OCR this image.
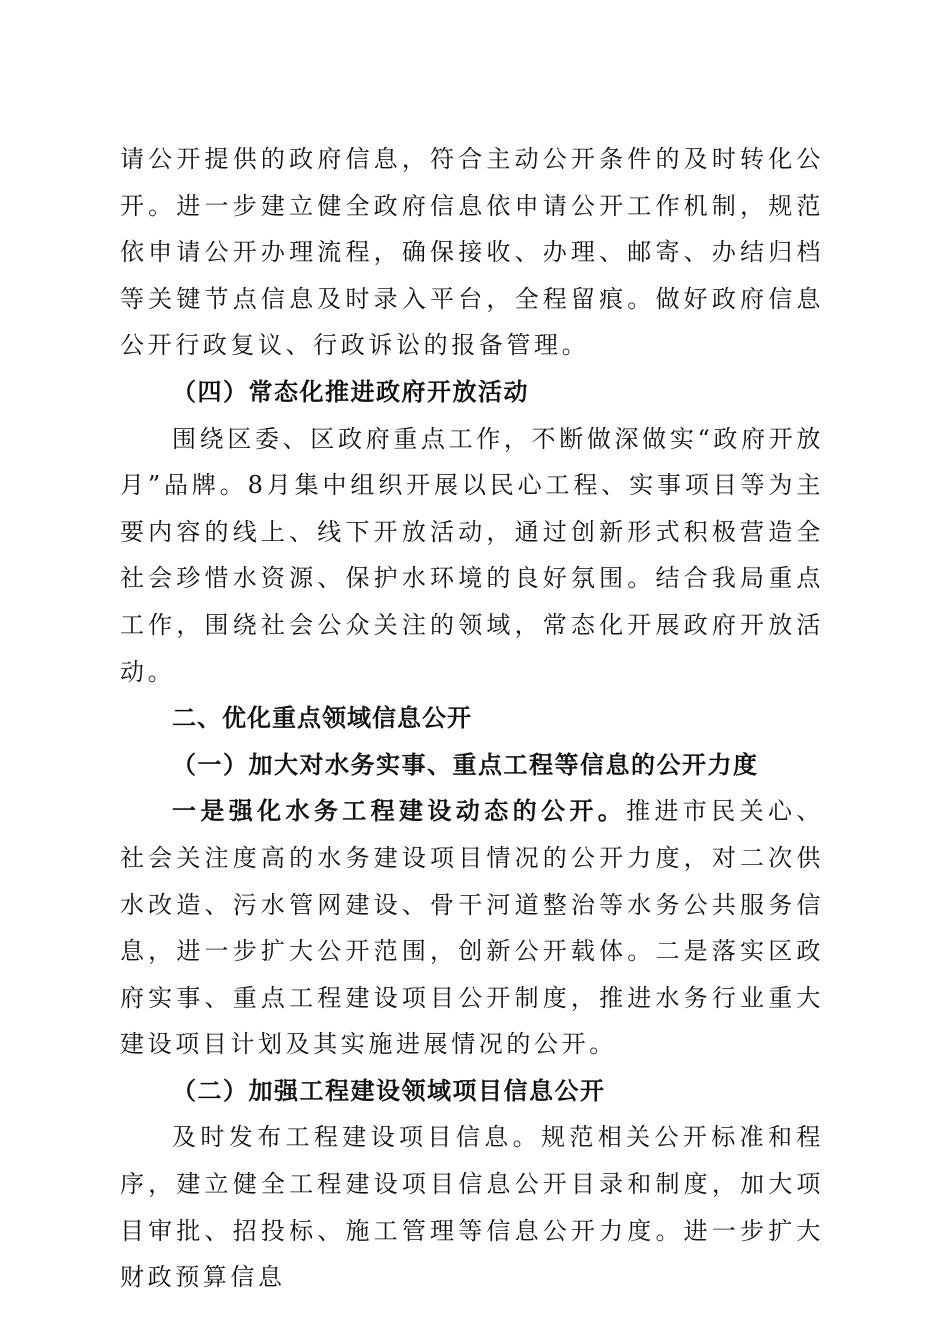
请公开提供的政府信息，符合主动公开条件的及时转化公开。进一步建立健全政府信息依申请公开工作机制，规范依申请公开办理流程，确保接收、办理、邮寄、办结归档等关键节点信息及时录入平台，全程留痕。做好政府信息公开行政复议、行政诉讼的报备管理。

（四）常态化推进政府开放活动

围绕区委、区政府重点工作，不断做深做实“政府开放月”品牌。8月集中组织开展以民心工程、实事项目等为主要内容的线上、线下开放活动，通过创新形式积极营造全社会珍惜水资源、保护水环境的良好氛围。结合我局重点工作，围绕社会公众关注的领域，常态化开展政府开放活动。

二、优化重点领域信息公开

（一）加大对水务实事、重点工程等信息的公开力度

一是强化水务工程建设动态的公开。推进市民关心、社会关注度高的水务建设项目情况的公开力度，对二次供水改造、污水管网建设、骨干河道整治等水务公共服务信息，进一步扩大公开范围，创新公开载体。二是落实区政府实事、重点工程建设项目公开制度，推进水务行业重大建设项目计划及其实施进展情况的公开。

（二）加强工程建设领域项目信息公开

及时发布工程建设项目信息。规范相关公开标准和程序，建立健全工程建设项目信息公开目录和制度，加大项目审批、招投标、施工管理等信息公开力度。进一步扩大财政预算信息
